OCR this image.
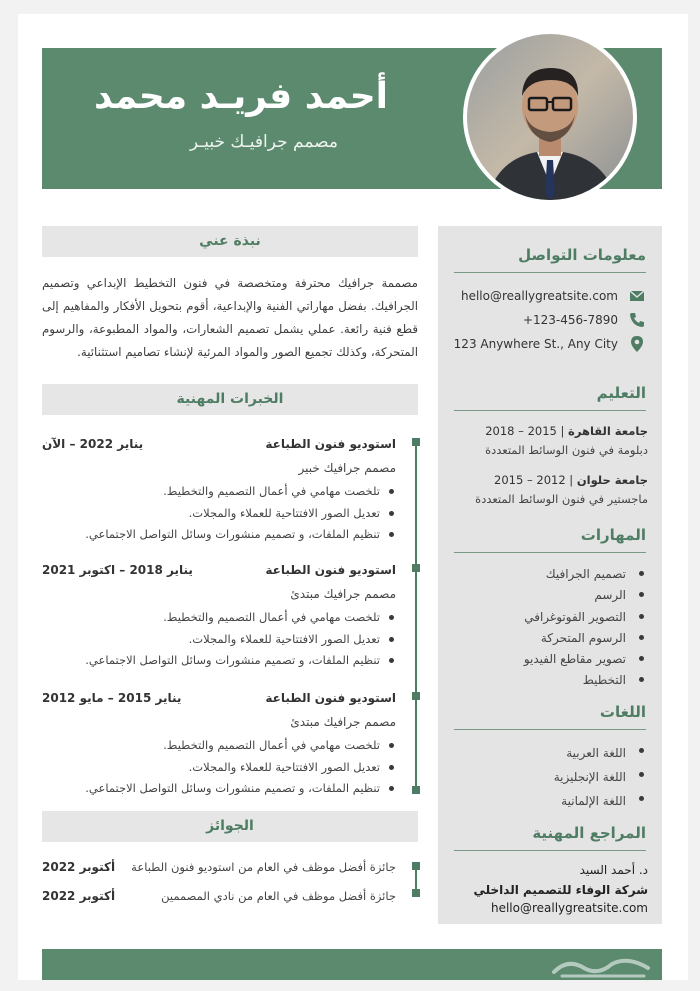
أحمد فريـد محمد
مصمم جرافيـك خبيـر
معلومات التواصل
hello@reallygreatsite.com
+123-456-7890
123 Anywhere St., Any City
التعليم
جامعة القاهرة | 2015 – 2018
دبلومة في فنون الوسائط المتعددة
جامعة حلوان | 2012 – 2015
ماجستير في فنون الوسائط المتعددة
المهارات
تصميم الجرافيك
الرسم
التصوير الفوتوغرافي
الرسوم المتحركة
تصوير مقاطع الفيديو
التخطيط
اللغات
اللغة العربية
اللغة الإنجليزية
اللغة الإلمانية
المراجع المهنية
د. أحمد السيد
شركة الوفاء للتصميم الداخلي
hello@reallygreatsite.com
نبذة عني
مصممة جرافيك محترفة ومتخصصة في فنون التخطيط الإبداعي وتصميم الجرافيك. بفضل مهاراتي الفنية والإبداعية، أقوم بتحويل الأفكار والمفاهيم إلى قطع فنية رائعة. عملي يشمل تصميم الشعارات، والمواد المطبوعة، والرسوم المتحركة، وكذلك تجميع الصور والمواد المرئية لإنشاء تصاميم استثنائية.
الخبرات المهنية
استوديو فنون الطباعة
يناير 2022 – الآن
مصمم جرافيك خبير
تلخصت مهامي في أعمال التصميم والتخطيط.
تعديل الصور الافتتاحية للعملاء والمجلات.
تنظيم الملفات، و تصميم منشورات وسائل التواصل الاجتماعي.
استوديو فنون الطباعة
يناير 2018 – اكتوبر 2021
مصمم جرافيك مبتدئ
تلخصت مهامي في أعمال التصميم والتخطيط.
تعديل الصور الافتتاحية للعملاء والمجلات.
تنظيم الملفات، و تصميم منشورات وسائل التواصل الاجتماعي.
استوديو فنون الطباعة
يناير 2015 – مايو 2012
مصمم جرافيك مبتدئ
تلخصت مهامي في أعمال التصميم والتخطيط.
تعديل الصور الافتتاحية للعملاء والمجلات.
تنظيم الملفات، و تصميم منشورات وسائل التواصل الاجتماعي.
الجوائز
جائزة أفضل موظف في العام من استوديو فنون الطباعة
أكتوبر 2022
جائزة أفضل موظف في العام من نادي المصممين
أكتوبر 2022
